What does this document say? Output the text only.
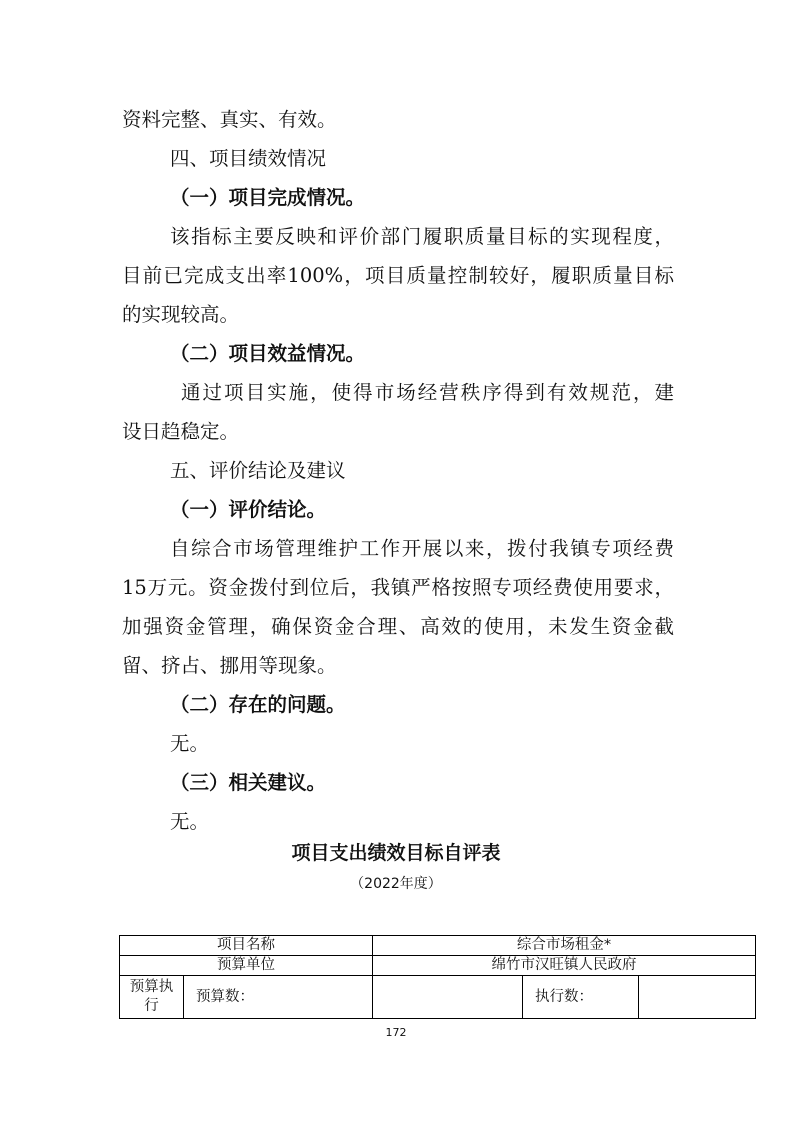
资料完整、真实、有效。
四、项目绩效情况
（一）项目完成情况。
该指标主要反映和评价部门履职质量目标的实现程度，
目前已完成支出率100%，项目质量控制较好，履职质量目标
的实现较高。
（二）项目效益情况。
通过项目实施，使得市场经营秩序得到有效规范，建
设日趋稳定。
五、评价结论及建议
（一）评价结论。
自综合市场管理维护工作开展以来，拨付我镇专项经费
15万元。资金拨付到位后，我镇严格按照专项经费使用要求，
加强资金管理，确保资金合理、高效的使用，未发生资金截
留、挤占、挪用等现象。
（二）存在的问题。
无。
（三）相关建议。
无。
项目支出绩效目标自评表
（2022年度）
项目名称		综合市场租金*		
预算单位		绵竹市汉旺镇人民政府		
预算执行	预算数：		执行数：	
172
